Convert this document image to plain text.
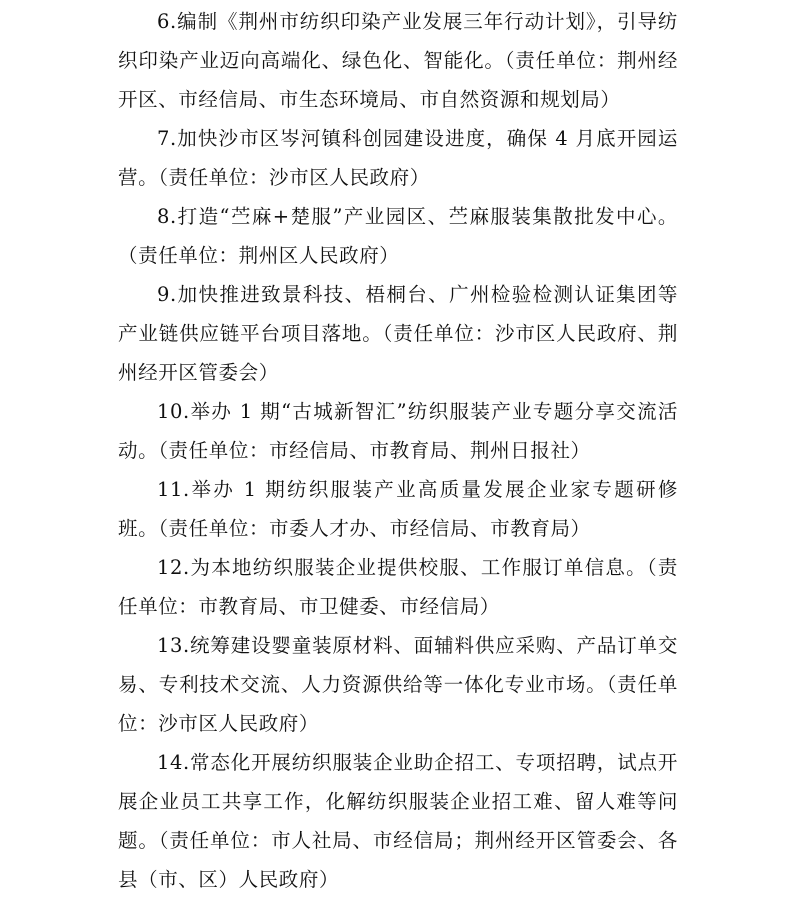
6.编制《荆州市纺织印染产业发展三年行动计划》，引导纺织印染产业迈向高端化、绿色化、智能化。（责任单位：荆州经开区、市经信局、市生态环境局、市自然资源和规划局）

7.加快沙市区岑河镇科创园建设进度，确保 4 月底开园运营。（责任单位：沙市区人民政府）

8.打造“苎麻+楚服”产业园区、苎麻服装集散批发中心。（责任单位：荆州区人民政府）

9.加快推进致景科技、梧桐台、广州检验检测认证集团等产业链供应链平台项目落地。（责任单位：沙市区人民政府、荆州经开区管委会）

10.举办 1 期“古城新智汇”纺织服装产业专题分享交流活动。（责任单位：市经信局、市教育局、荆州日报社）

11.举办 1 期纺织服装产业高质量发展企业家专题研修班。（责任单位：市委人才办、市经信局、市教育局）

12.为本地纺织服装企业提供校服、工作服订单信息。（责任单位：市教育局、市卫健委、市经信局）

13.统筹建设婴童装原材料、面辅料供应采购、产品订单交易、专利技术交流、人力资源供给等一体化专业市场。（责任单位：沙市区人民政府）

14.常态化开展纺织服装企业助企招工、专项招聘，试点开展企业员工共享工作，化解纺织服装企业招工难、留人难等问题。（责任单位：市人社局、市经信局；荆州经开区管委会、各县（市、区）人民政府）
